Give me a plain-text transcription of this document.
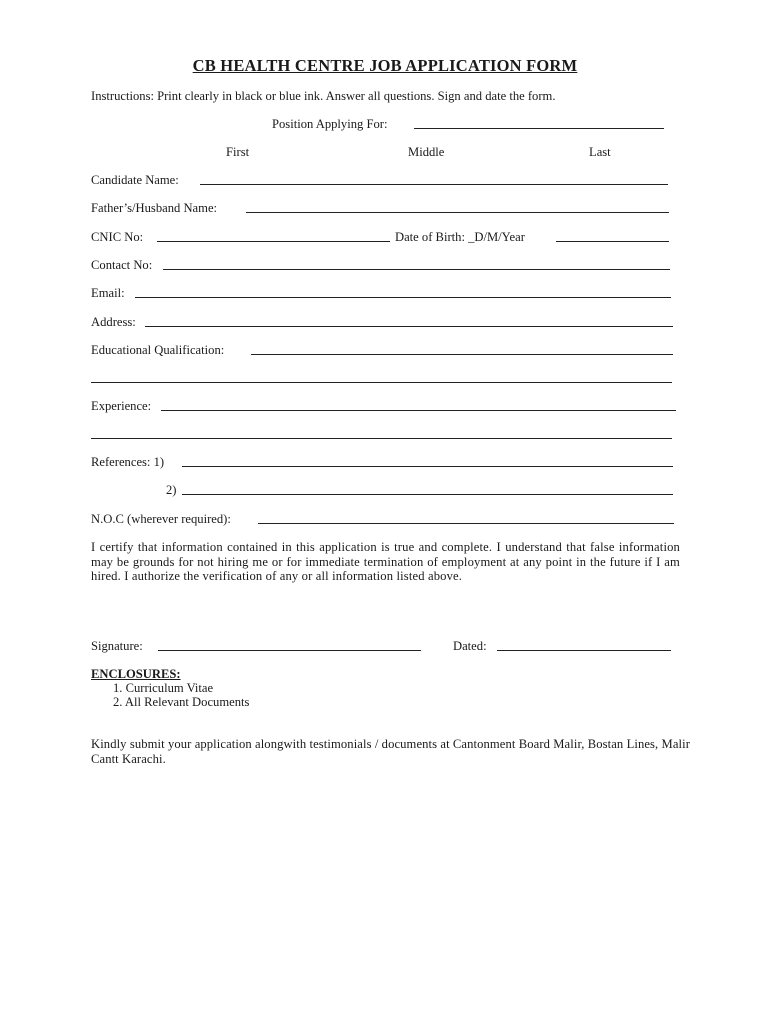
CB HEALTH CENTRE JOB APPLICATION FORM
Instructions: Print clearly in black or blue ink. Answer all questions. Sign and date the form.
Position Applying For:
First	Middle	Last
Candidate Name:
Father’s/Husband Name:
CNIC No:	Date of Birth: _D/M/Year
Contact No:
Email:
Address:
Educational Qualification:
Experience:
References: 1)
2)
N.O.C (wherever required):
I certify that information contained in this application is true and complete. I understand that false information may be grounds for not hiring me or for immediate termination of employment at any point in the future if I am hired. I authorize the verification of any or all information listed above.
Signature:	Dated:
ENCLOSURES:
1. Curriculum Vitae
2. All Relevant Documents
Kindly submit your application alongwith testimonials / documents at Cantonment Board Malir, Bostan Lines, Malir Cantt Karachi.
